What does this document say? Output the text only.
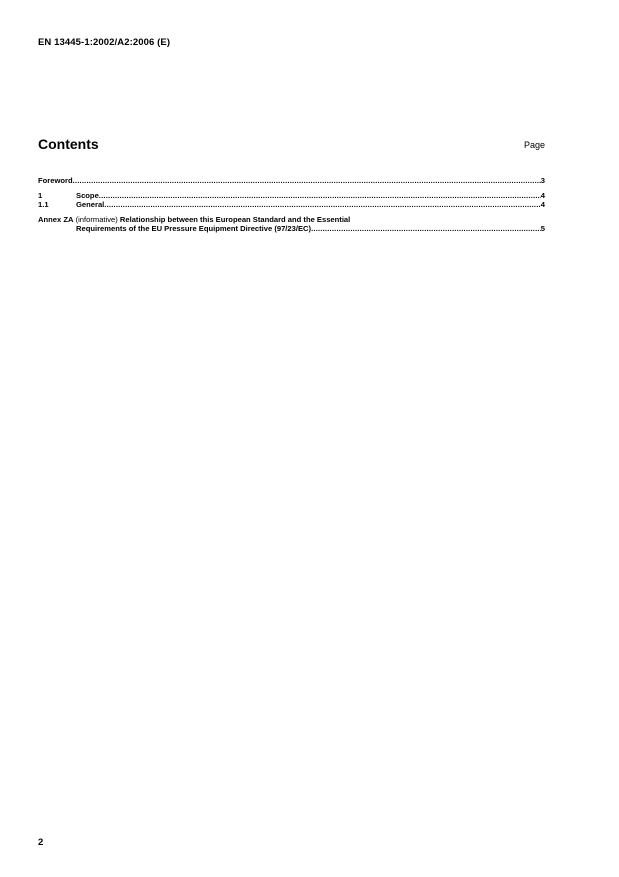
EN 13445-1:2002/A2:2006 (E)
Contents	Page
Foreword .....	3
1	Scope .....	4
1.1	General .....	4
Annex ZA (informative) Relationship between this European Standard and the Essential
Requirements of the EU Pressure Equipment Directive (97/23/EC) .....	5
2
